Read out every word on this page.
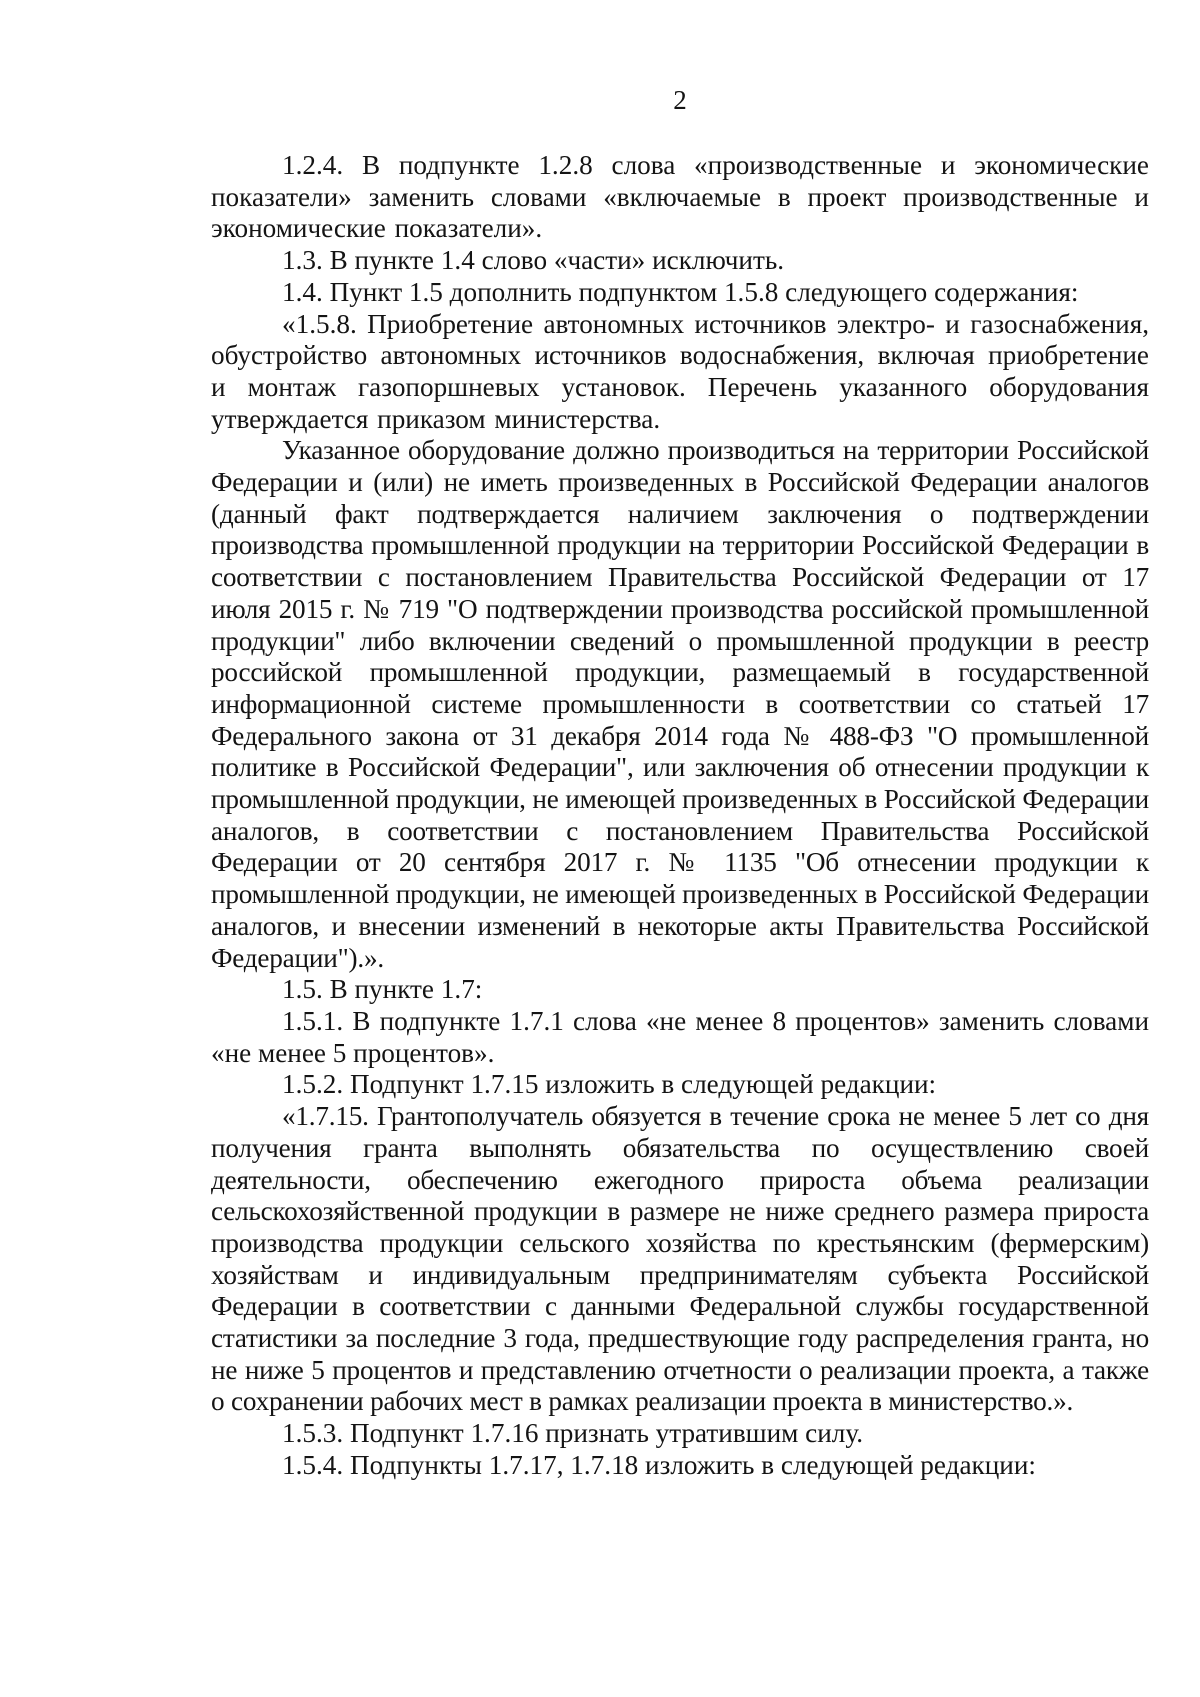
2

1.2.4. В подпункте 1.2.8 слова «производственные и экономические показатели» заменить словами «включаемые в проект производственные и экономические показатели».

1.3. В пункте 1.4 слово «части» исключить.

1.4. Пункт 1.5 дополнить подпунктом 1.5.8 следующего содержания:

«1.5.8. Приобретение автономных источников электро- и газоснабжения, обустройство автономных источников водоснабжения, включая приобретение и монтаж газопоршневых установок. Перечень указанного оборудования утверждается приказом министерства.

Указанное оборудование должно производиться на территории Российской Федерации и (или) не иметь произведенных в Российской Федерации аналогов (данный факт подтверждается наличием заключения о подтверждении производства промышленной продукции на территории Российской Федерации в соответствии с постановлением Правительства Российской Федерации от 17 июля 2015 г. № 719 "О подтверждении производства российской промышленной продукции" либо включении сведений о промышленной продукции в реестр российской промышленной продукции, размещаемый в государственной информационной системе промышленности в соответствии со статьей 17 Федерального закона от 31 декабря 2014 года № 488-ФЗ "О промышленной политике в Российской Федерации", или заключения об отнесении продукции к промышленной продукции, не имеющей произведенных в Российской Федерации аналогов, в соответствии с постановлением Правительства Российской Федерации от 20 сентября 2017 г. № 1135 "Об отнесении продукции к промышленной продукции, не имеющей произведенных в Российской Федерации аналогов, и внесении изменений в некоторые акты Правительства Российской Федерации").».

1.5. В пункте 1.7:

1.5.1. В подпункте 1.7.1 слова «не менее 8 процентов» заменить словами «не менее 5 процентов».

1.5.2. Подпункт 1.7.15 изложить в следующей редакции:

«1.7.15. Грантополучатель обязуется в течение срока не менее 5 лет со дня получения гранта выполнять обязательства по осуществлению своей деятельности, обеспечению ежегодного прироста объема реализации сельскохозяйственной продукции в размере не ниже среднего размера прироста производства продукции сельского хозяйства по крестьянским (фермерским) хозяйствам и индивидуальным предпринимателям субъекта Российской Федерации в соответствии с данными Федеральной службы государственной статистики за последние 3 года, предшествующие году распределения гранта, но не ниже 5 процентов и представлению отчетности о реализации проекта, а также о сохранении рабочих мест в рамках реализации проекта в министерство.».

1.5.3. Подпункт 1.7.16 признать утратившим силу.

1.5.4. Подпункты 1.7.17, 1.7.18 изложить в следующей редакции:
